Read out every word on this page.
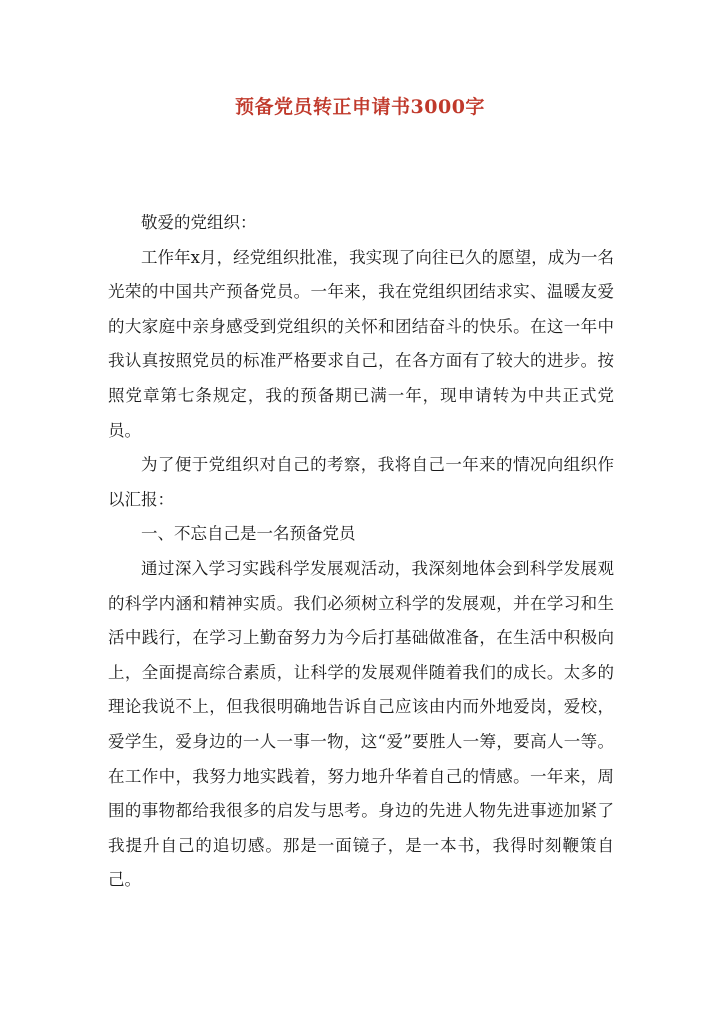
预备党员转正申请书3000字

敬爱的党组织：

工作年x月，经党组织批准，我实现了向往已久的愿望，成为一名光荣的中国共产预备党员。一年来，我在党组织团结求实、温暖友爱的大家庭中亲身感受到党组织的关怀和团结奋斗的快乐。在这一年中我认真按照党员的标准严格要求自己，在各方面有了较大的进步。按照党章第七条规定，我的预备期已满一年，现申请转为中共正式党员。

为了便于党组织对自己的考察，我将自己一年来的情况向组织作以汇报：

一、不忘自己是一名预备党员

通过深入学习实践科学发展观活动，我深刻地体会到科学发展观的科学内涵和精神实质。我们必须树立科学的发展观，并在学习和生活中践行，在学习上勤奋努力为今后打基础做准备，在生活中积极向上，全面提高综合素质，让科学的发展观伴随着我们的成长。太多的理论我说不上，但我很明确地告诉自己应该由内而外地爱岗，爱校，爱学生，爱身边的一人一事一物，这“爱”要胜人一筹，要高人一等。在工作中，我努力地实践着，努力地升华着自己的情感。一年来，周围的事物都给我很多的启发与思考。身边的先进人物先进事迹加紧了我提升自己的追切感。那是一面镜子，是一本书，我得时刻鞭策自己。
